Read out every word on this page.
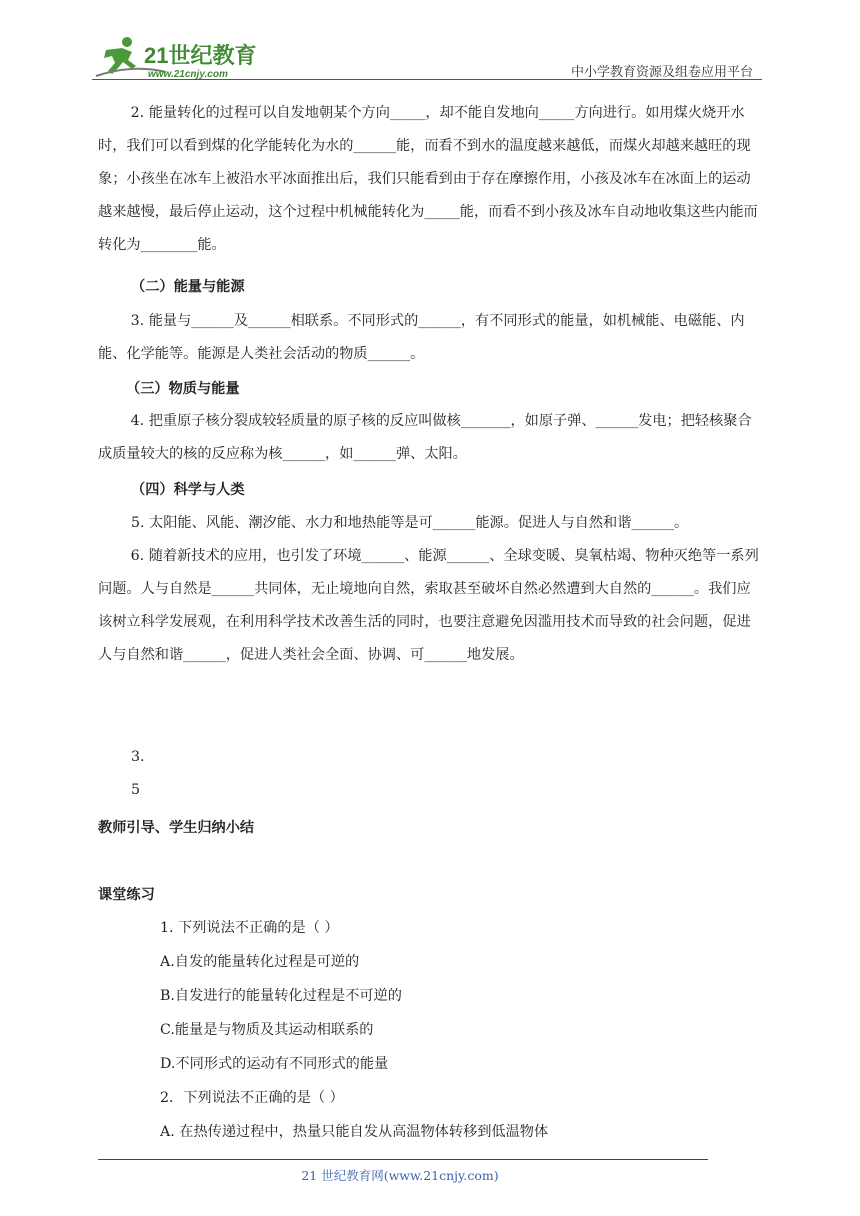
21世纪教育
www.21cnjy.com	中小学教育资源及组卷应用平台

2. 能量转化的过程可以自发地朝某个方向_____，却不能自发地向_____方向进行。如用煤火烧开水时，我们可以看到煤的化学能转化为水的______能，而看不到水的温度越来越低，而煤火却越来越旺的现象；小孩坐在冰车上被沿水平冰面推出后，我们只能看到由于存在摩擦作用，小孩及冰车在冰面上的运动越来越慢，最后停止运动，这个过程中机械能转化为_____能，而看不到小孩及冰车自动地收集这些内能而转化为________能。

（二）能量与能源

3. 能量与______及______相联系。不同形式的______，有不同形式的能量，如机械能、电磁能、内能、化学能等。能源是人类社会活动的物质______。

（三）物质与能量

4. 把重原子核分裂成较轻质量的原子核的反应叫做核_______，如原子弹、______发电；把轻核聚合成质量较大的核的反应称为核______，如______弹、太阳。

（四）科学与人类

5. 太阳能、风能、潮汐能、水力和地热能等是可______能源。促进人与自然和谐______。

6. 随着新技术的应用，也引发了环境______、能源______、全球变暖、臭氧枯竭、物种灭绝等一系列问题。人与自然是______共同体，无止境地向自然，索取甚至破坏自然必然遭到大自然的______。我们应该树立科学发展观，在利用科学技术改善生活的同时，也要注意避免因滥用技术而导致的社会问题，促进人与自然和谐______，促进人类社会全面、协调、可______地发展。

3.

5

教师引导、学生归纳小结

课堂练习

1. 下列说法不正确的是（ ）

A.自发的能量转化过程是可逆的

B.自发进行的能量转化过程是不可逆的

C.能量是与物质及其运动相联系的

D.不同形式的运动有不同形式的能量

2．下列说法不正确的是（ ）

A. 在热传递过程中，热量只能自发从高温物体转移到低温物体

21 世纪教育网(www.21cnjy.com)
